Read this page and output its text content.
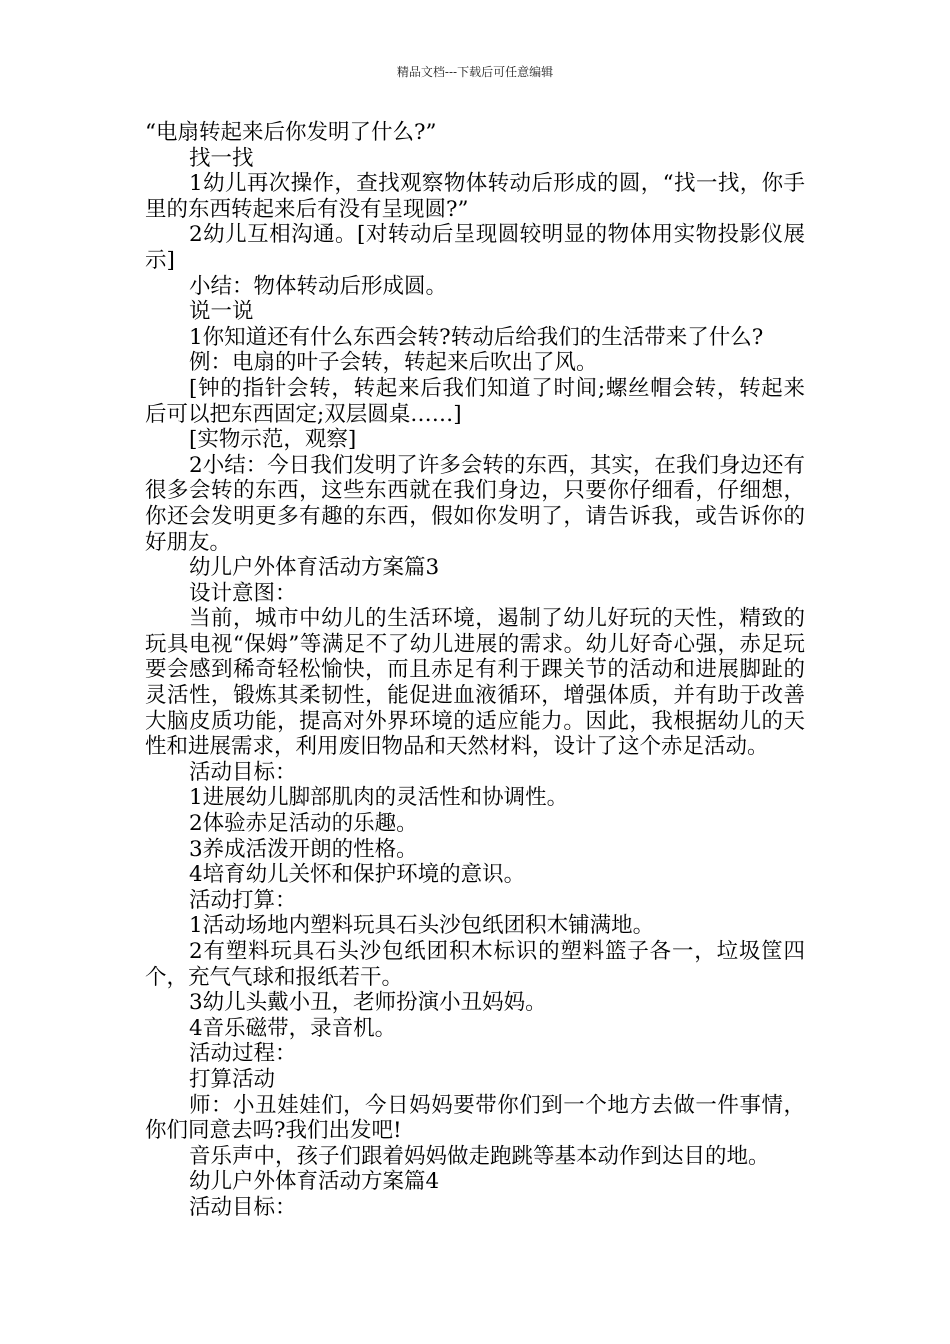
精品文档---下载后可任意编辑

“电扇转起来后你发明了什么?”

找一找

1幼儿再次操作，查找观察物体转动后形成的圆，“找一找，你手里的东西转起来后有没有呈现圆?”

2幼儿互相沟通。[对转动后呈现圆较明显的物体用实物投影仪展示]

小结：物体转动后形成圆。

说一说

1你知道还有什么东西会转?转动后给我们的生活带来了什么?

例：电扇的叶子会转，转起来后吹出了风。

[钟的指针会转，转起来后我们知道了时间;螺丝帽会转，转起来后可以把东西固定;双层圆桌……]

[实物示范，观察]

2小结：今日我们发明了许多会转的东西，其实，在我们身边还有很多会转的东西，这些东西就在我们身边，只要你仔细看，仔细想，你还会发明更多有趣的东西，假如你发明了，请告诉我，或告诉你的好朋友。

幼儿户外体育活动方案篇3

设计意图：

当前，城市中幼儿的生活环境，遏制了幼儿好玩的天性，精致的玩具电视“保姆”等满足不了幼儿进展的需求。幼儿好奇心强，赤足玩要会感到稀奇轻松愉快，而且赤足有利于踝关节的活动和进展脚趾的灵活性，锻炼其柔韧性，能促进血液循环，增强体质，并有助于改善大脑皮质功能，提高对外界环境的适应能力。因此，我根据幼儿的天性和进展需求，利用废旧物品和天然材料，设计了这个赤足活动。

活动目标：

1进展幼儿脚部肌肉的灵活性和协调性。

2体验赤足活动的乐趣。

3养成活泼开朗的性格。

4培育幼儿关怀和保护环境的意识。

活动打算：

1活动场地内塑料玩具石头沙包纸团积木铺满地。

2有塑料玩具石头沙包纸团积木标识的塑料篮子各一，垃圾筐四个，充气气球和报纸若干。

3幼儿头戴小丑，老师扮演小丑妈妈。

4音乐磁带，录音机。

活动过程：

打算活动

师：小丑娃娃们，今日妈妈要带你们到一个地方去做一件事情，你们同意去吗?我们出发吧!

音乐声中，孩子们跟着妈妈做走跑跳等基本动作到达目的地。

幼儿户外体育活动方案篇4

活动目标：
